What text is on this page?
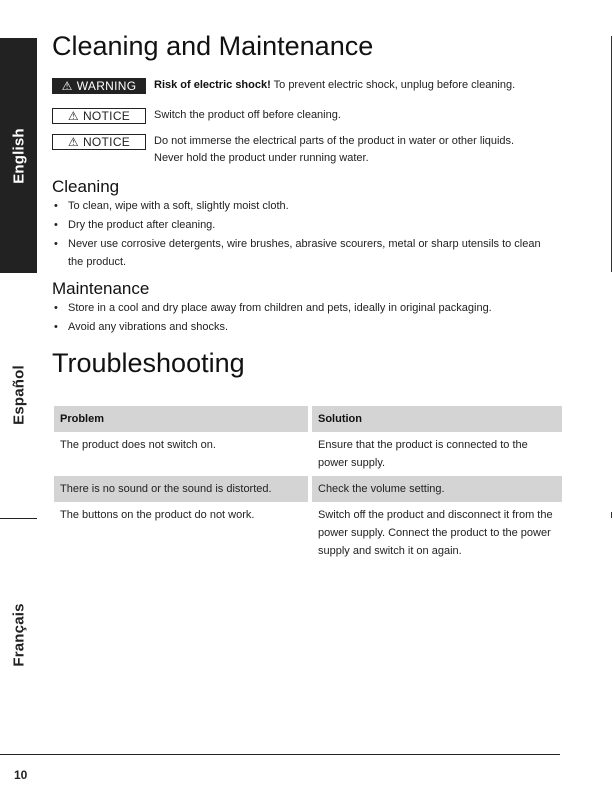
English
Español
Français
Cleaning and Maintenance
⚠ WARNING Risk of electric shock! To prevent electric shock, unplug before cleaning.
⚠ NOTICE Switch the product off before cleaning.
⚠ NOTICE Do not immerse the electrical parts of the product in water or other liquids.
Never hold the product under running water.
Cleaning
• To clean, wipe with a soft, slightly moist cloth.
• Dry the product after cleaning.
• Never use corrosive detergents, wire brushes, abrasive scourers, metal or sharp utensils to clean the product.
Maintenance
• Store in a cool and dry place away from children and pets, ideally in original packaging.
• Avoid any vibrations and shocks.
Troubleshooting
Problem	Solution
The product does not switch on.	Ensure that the product is connected to the power supply.
There is no sound or the sound is distorted.	Check the volume setting.
The buttons on the product do not work.	Switch off the product and disconnect it from the power supply. Connect the product to the power supply and switch it on again.
10
